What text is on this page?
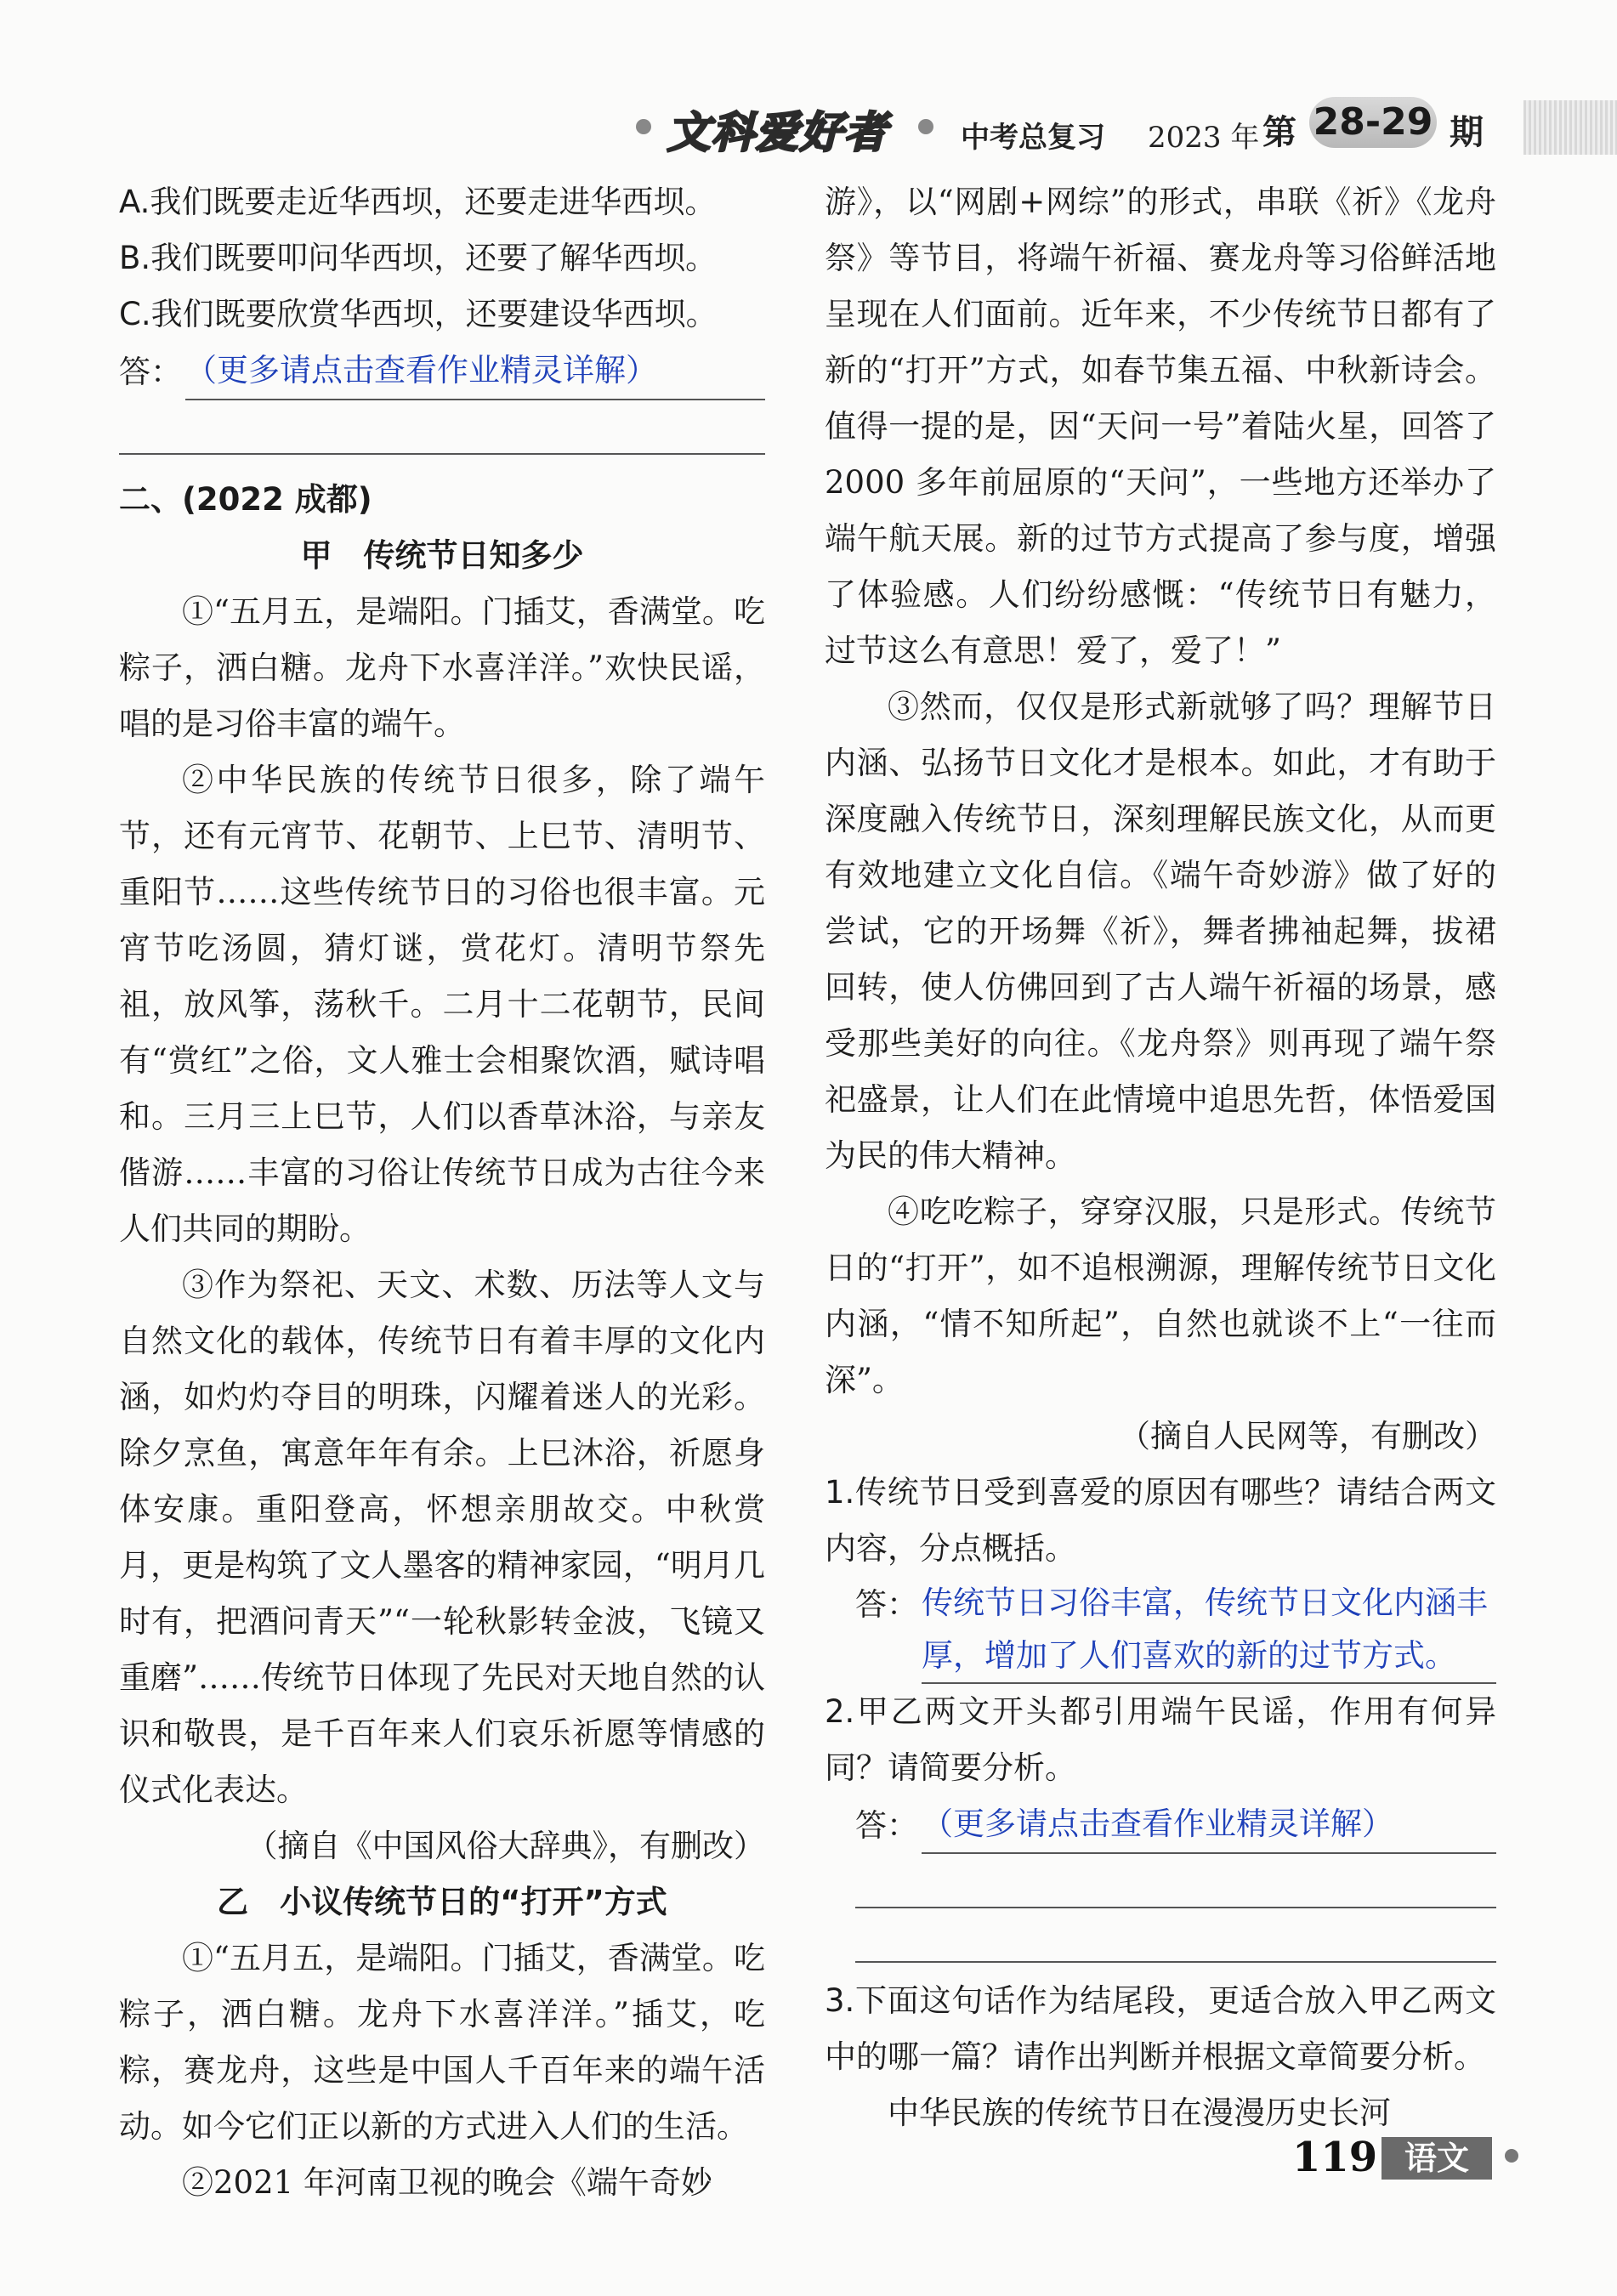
文科爱好者	中考总复习 2023 年 第 28-29 期

A.我们既要走近华西坝，还要走进华西坝。

B.我们既要叩问华西坝，还要了解华西坝。

C.我们既要欣赏华西坝，还要建设华西坝。

答： （更多请点击查看作业精灵详解）

二、(2022 成都)

甲　传统节日知多少

①“五月五，是端阳。门插艾，香满堂。吃粽子，洒白糖。龙舟下水喜洋洋。”欢快民谣，唱的是习俗丰富的端午。

②中华民族的传统节日很多，除了端午节，还有元宵节、花朝节、上巳节、清明节、重阳节……这些传统节日的习俗也很丰富。元宵节吃汤圆，猜灯谜，赏花灯。清明节祭先祖，放风筝，荡秋千。二月十二花朝节，民间有“赏红”之俗，文人雅士会相聚饮酒，赋诗唱和。三月三上巳节，人们以香草沐浴，与亲友偕游……丰富的习俗让传统节日成为古往今来人们共同的期盼。

③作为祭祀、天文、术数、历法等人文与自然文化的载体，传统节日有着丰厚的文化内涵，如灼灼夺目的明珠，闪耀着迷人的光彩。除夕烹鱼，寓意年年有余。上巳沐浴，祈愿身体安康。重阳登高，怀想亲朋故交。中秋赏月，更是构筑了文人墨客的精神家园，“明月几时有，把酒问青天”“一轮秋影转金波，飞镜又重磨”……传统节日体现了先民对天地自然的认识和敬畏，是千百年来人们哀乐祈愿等情感的仪式化表达。

（摘自《中国风俗大辞典》，有删改）

乙　小议传统节日的“打开”方式

①“五月五，是端阳。门插艾，香满堂。吃粽子，洒白糖。龙舟下水喜洋洋。”插艾，吃粽，赛龙舟，这些是中国人千百年来的端午活动。如今它们正以新的方式进入人们的生活。

②2021 年河南卫视的晚会《端午奇妙

游》，以“网剧+网综”的形式，串联《祈》《龙舟祭》等节目，将端午祈福、赛龙舟等习俗鲜活地呈现在人们面前。近年来，不少传统节日都有了新的“打开”方式，如春节集五福、中秋新诗会。值得一提的是，因“天问一号”着陆火星，回答了 2000 多年前屈原的“天问”，一些地方还举办了端午航天展。新的过节方式提高了参与度，增强了体验感。人们纷纷感慨：“传统节日有魅力，过节这么有意思！爱了，爱了！”

③然而，仅仅是形式新就够了吗？理解节日内涵、弘扬节日文化才是根本。如此，才有助于深度融入传统节日，深刻理解民族文化，从而更有效地建立文化自信。《端午奇妙游》做了好的尝试，它的开场舞《祈》，舞者拂袖起舞，拔裙回转，使人仿佛回到了古人端午祈福的场景，感受那些美好的向往。《龙舟祭》则再现了端午祭祀盛景，让人们在此情境中追思先哲，体悟爱国为民的伟大精神。

④吃吃粽子，穿穿汉服，只是形式。传统节日的“打开”，如不追根溯源，理解传统节日文化内涵，“情不知所起”，自然也就谈不上“一往而深”。

（摘自人民网等，有删改）

1.传统节日受到喜爱的原因有哪些？请结合两文内容，分点概括。

答： 传统节日习俗丰富，传统节日文化内涵丰厚，增加了人们喜欢的新的过节方式。

2.甲乙两文开头都引用端午民谣，作用有何异同？请简要分析。

答： （更多请点击查看作业精灵详解）

3.下面这句话作为结尾段，更适合放入甲乙两文中的哪一篇？请作出判断并根据文章简要分析。

中华民族的传统节日在漫漫历史长河

119 语文
